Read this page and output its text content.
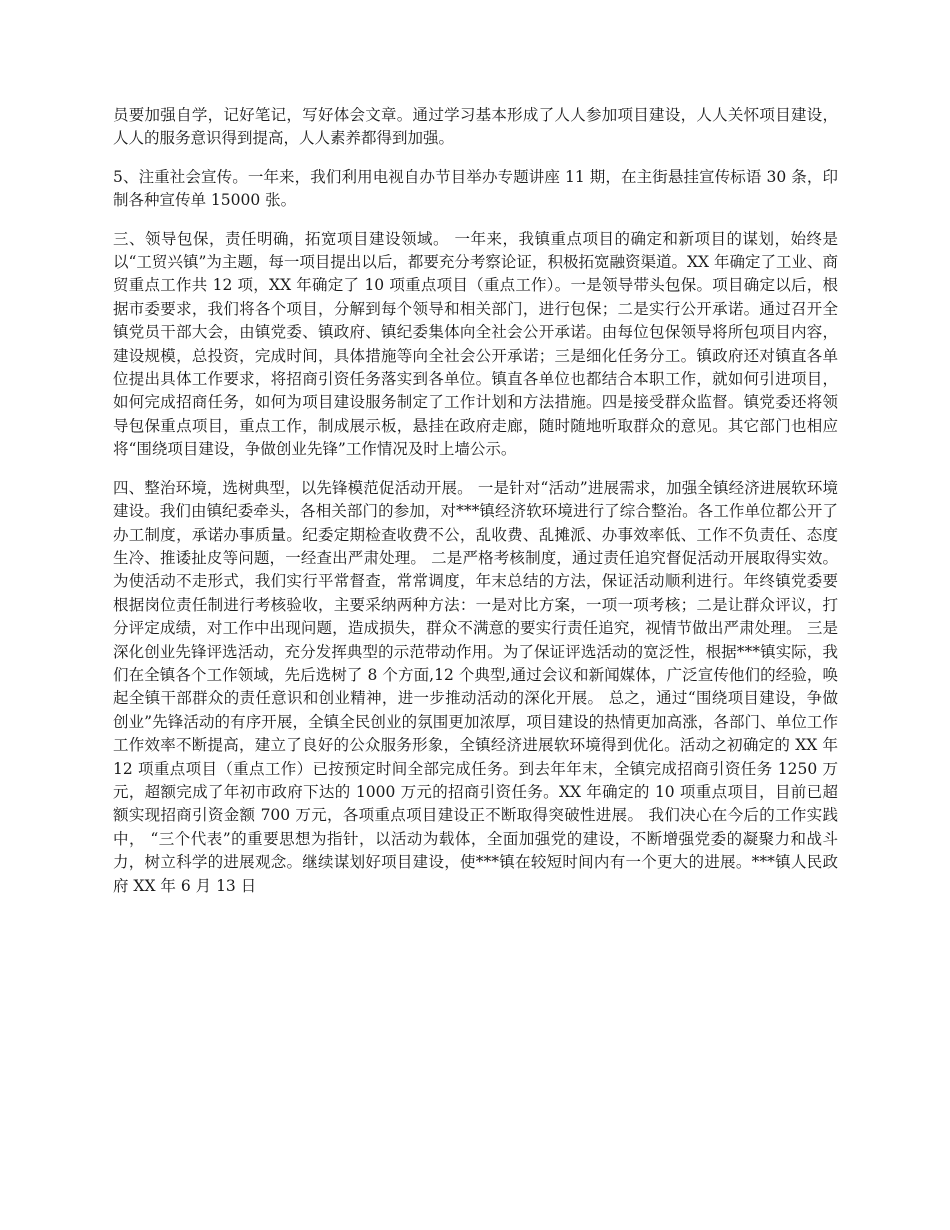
员要加强自学，记好笔记，写好体会文章。通过学习基本形成了人人参加项目建设，人人关怀项目建设，人人的服务意识得到提高，人人素养都得到加强。

5、注重社会宣传。一年来，我们利用电视自办节目举办专题讲座 11 期，在主街悬挂宣传标语 30 条，印制各种宣传单 15000 张。

三、领导包保，责任明确，拓宽项目建设领域。 一年来，我镇重点项目的确定和新项目的谋划，始终是以“工贸兴镇”为主题，每一项目提出以后，都要充分考察论证，积极拓宽融资渠道。XX 年确定了工业、商贸重点工作共 12 项，XX 年确定了 10 项重点项目（重点工作）。一是领导带头包保。项目确定以后，根据市委要求，我们将各个项目，分解到每个领导和相关部门，进行包保；二是实行公开承诺。通过召开全镇党员干部大会，由镇党委、镇政府、镇纪委集体向全社会公开承诺。由每位包保领导将所包项目内容，建设规模，总投资，完成时间，具体措施等向全社会公开承诺；三是细化任务分工。镇政府还对镇直各单位提出具体工作要求，将招商引资任务落实到各单位。镇直各单位也都结合本职工作，就如何引进项目，如何完成招商任务，如何为项目建设服务制定了工作计划和方法措施。四是接受群众监督。镇党委还将领导包保重点项目，重点工作，制成展示板，悬挂在政府走廊，随时随地听取群众的意见。其它部门也相应将“围绕项目建设，争做创业先锋”工作情况及时上墙公示。

四、整治环境，选树典型，以先锋模范促活动开展。 一是针对“活动”进展需求，加强全镇经济进展软环境建设。我们由镇纪委牵头，各相关部门的参加，对***镇经济软环境进行了综合整治。各工作单位都公开了办工制度，承诺办事质量。纪委定期检查收费不公，乱收费、乱摊派、办事效率低、工作不负责任、态度生冷、推诿扯皮等问题，一经查出严肃处理。 二是严格考核制度，通过责任追究督促活动开展取得实效。为使活动不走形式，我们实行平常督查，常常调度，年末总结的方法，保证活动顺利进行。年终镇党委要根据岗位责任制进行考核验收，主要采纳两种方法：一是对比方案，一项一项考核；二是让群众评议，打分评定成绩，对工作中出现问题，造成损失，群众不满意的要实行责任追究，视情节做出严肃处理。 三是深化创业先锋评选活动，充分发挥典型的示范带动作用。为了保证评选活动的宽泛性，根据***镇实际，我们在全镇各个工作领域，先后选树了 8 个方面,12 个典型,通过会议和新闻媒体，广泛宣传他们的经验，唤起全镇干部群众的责任意识和创业精神，进一步推动活动的深化开展。 总之，通过“围绕项目建设，争做创业”先锋活动的有序开展，全镇全民创业的氛围更加浓厚，项目建设的热情更加高涨，各部门、单位工作工作效率不断提高，建立了良好的公众服务形象，全镇经济进展软环境得到优化。活动之初确定的 XX 年 12 项重点项目（重点工作）已按预定时间全部完成任务。到去年年末，全镇完成招商引资任务 1250 万元，超额完成了年初市政府下达的 1000 万元的招商引资任务。XX 年确定的 10 项重点项目，目前已超额实现招商引资金额 700 万元，各项重点项目建设正不断取得突破性进展。 我们决心在今后的工作实践中， “三个代表”的重要思想为指针，以活动为载体，全面加强党的建设，不断增强党委的凝聚力和战斗力，树立科学的进展观念。继续谋划好项目建设，使***镇在较短时间内有一个更大的进展。***镇人民政府 XX 年 6 月 13 日
